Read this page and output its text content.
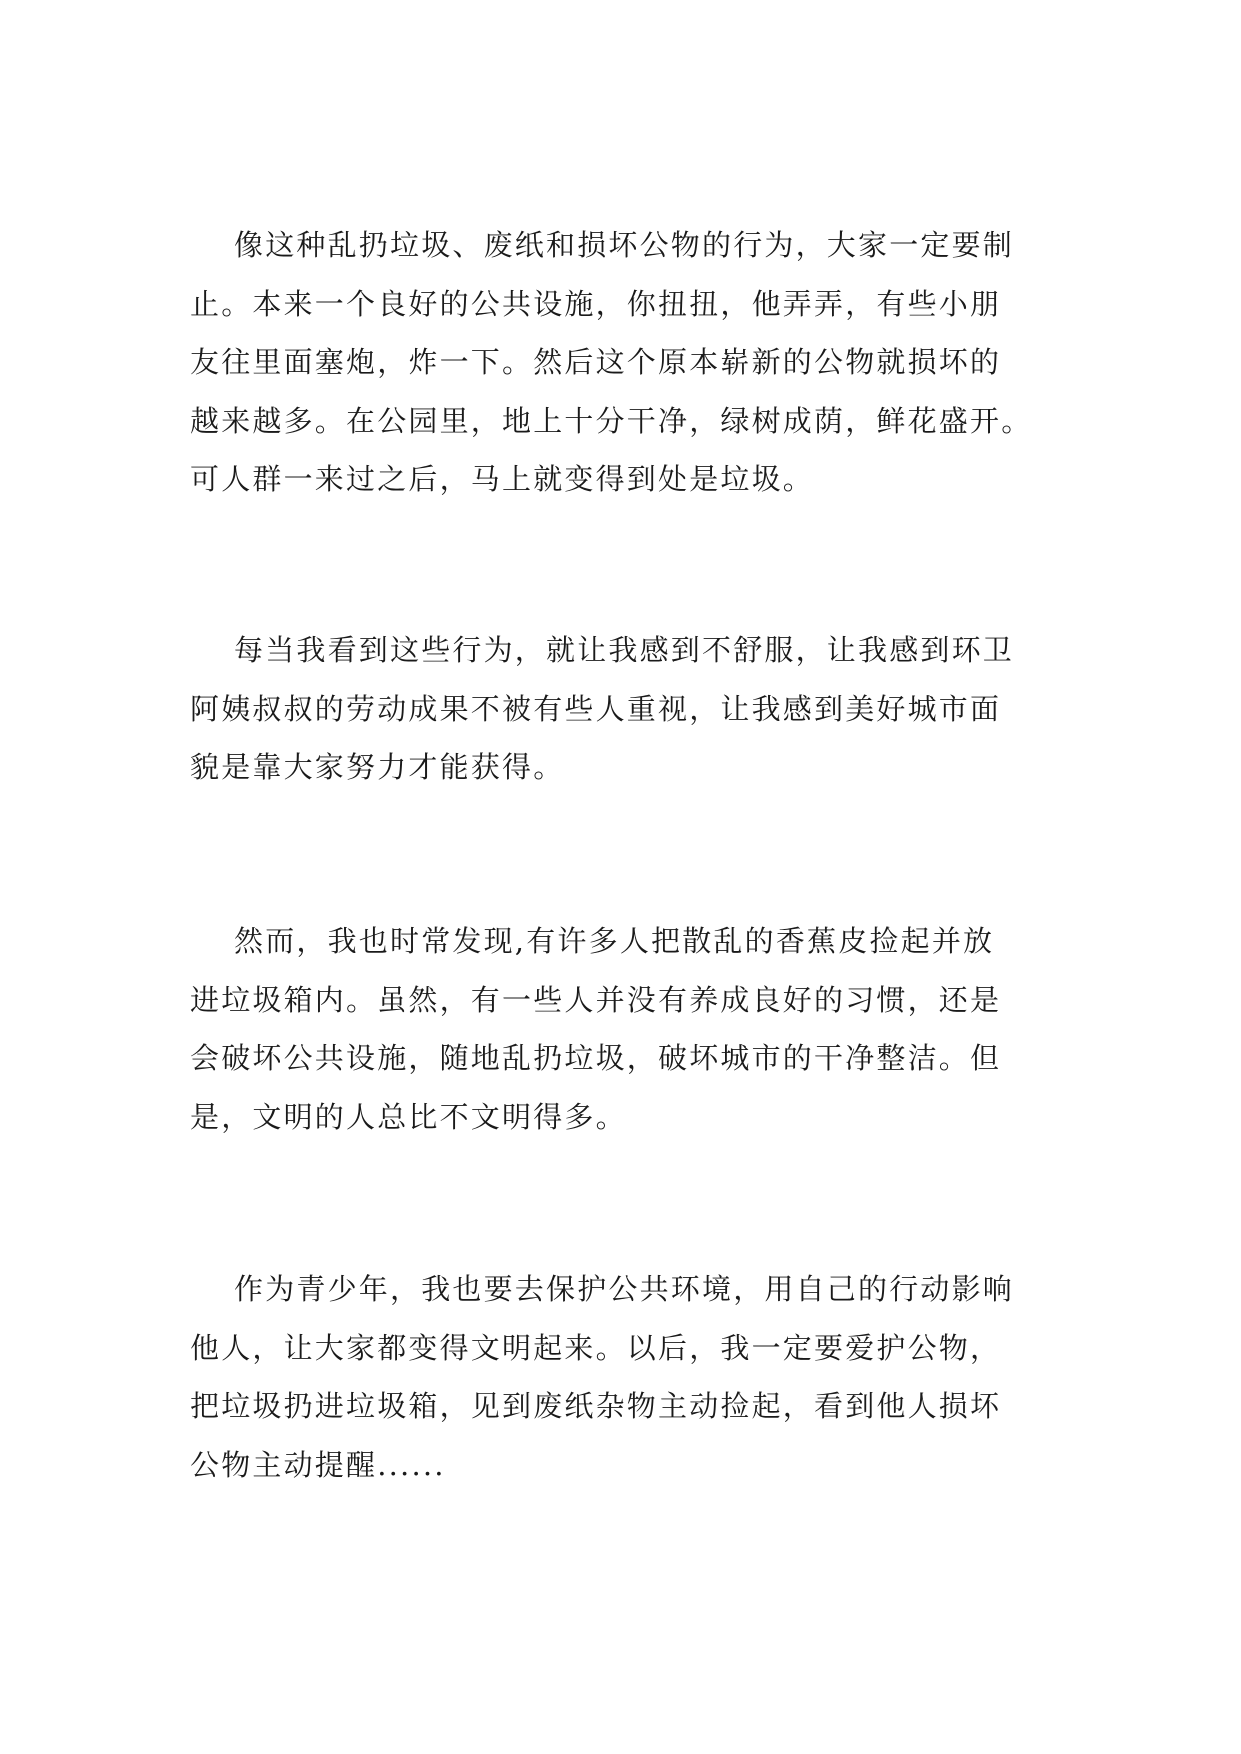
像这种乱扔垃圾、废纸和损坏公物的行为，大家一定要制
止。本来一个良好的公共设施，你扭扭，他弄弄，有些小朋
友往里面塞炮，炸一下。然后这个原本崭新的公物就损坏的
越来越多。在公园里，地上十分干净，绿树成荫，鲜花盛开。
可人群一来过之后，马上就变得到处是垃圾。

每当我看到这些行为，就让我感到不舒服，让我感到环卫
阿姨叔叔的劳动成果不被有些人重视，让我感到美好城市面
貌是靠大家努力才能获得。

然而，我也时常发现,有许多人把散乱的香蕉皮捡起并放
进垃圾箱内。虽然，有一些人并没有养成良好的习惯，还是
会破坏公共设施，随地乱扔垃圾，破坏城市的干净整洁。但
是，文明的人总比不文明得多。

作为青少年，我也要去保护公共环境，用自己的行动影响
他人，让大家都变得文明起来。以后，我一定要爱护公物，
把垃圾扔进垃圾箱，见到废纸杂物主动捡起，看到他人损坏
公物主动提醒......
